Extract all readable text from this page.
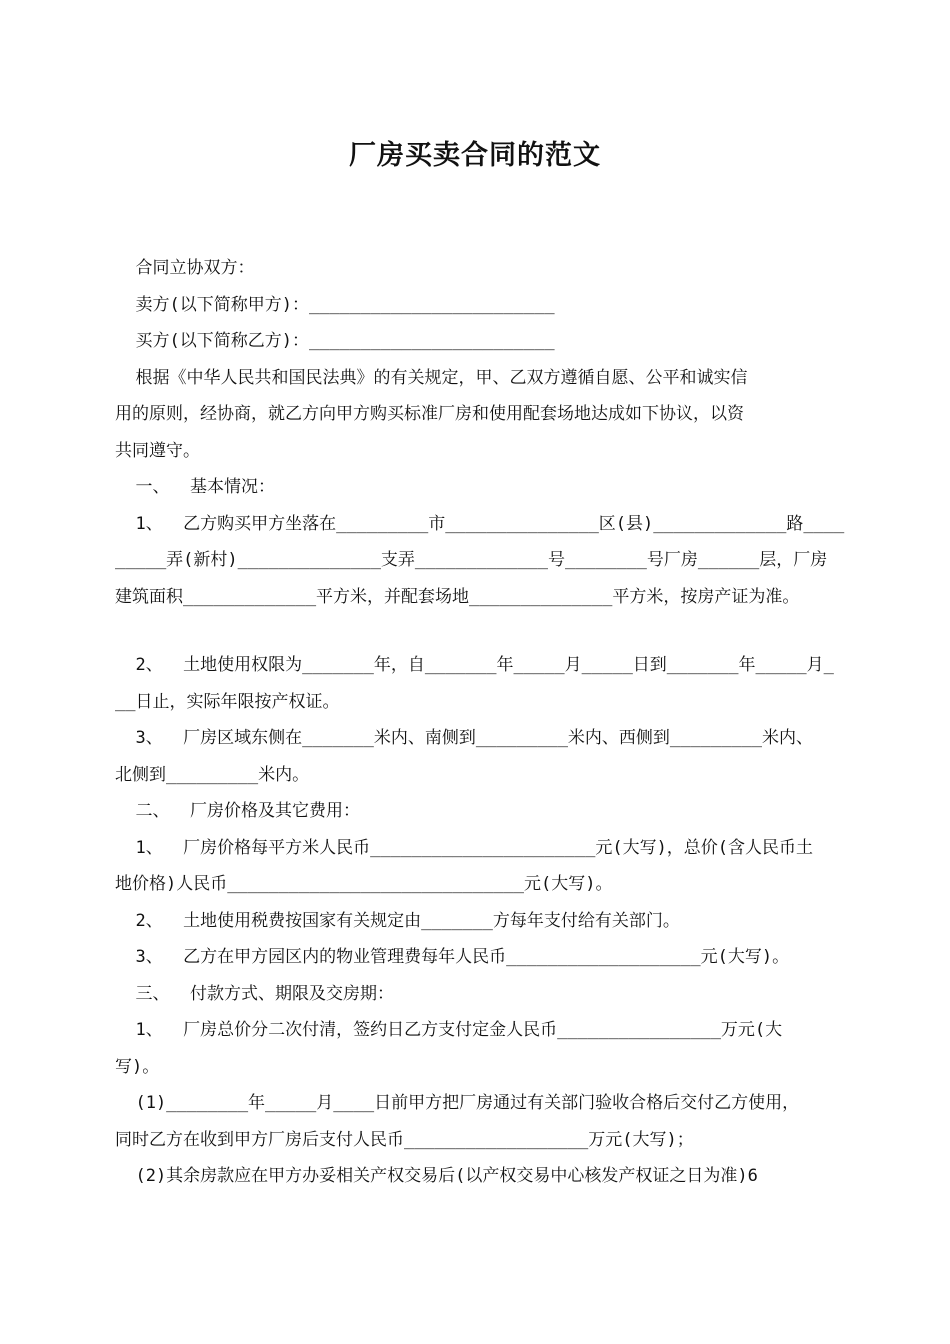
厂房买卖合同的范文
合同立协双方：
卖方(以下简称甲方)：________________________
买方(以下简称乙方)：________________________
根据《中华人民共和国民法典》的有关规定，甲、乙双方遵循自愿、公平和诚实信
用的原则，经协商，就乙方向甲方购买标准厂房和使用配套场地达成如下协议，以资
共同遵守。
一、  基本情况：
1、  乙方购买甲方坐落在_________市_______________区(县)_____________路____
_____弄(新村)______________支弄_____________号________号厂房______层，厂房
建筑面积_____________平方米，并配套场地______________平方米，按房产证为准。
2、  土地使用权限为_______年，自_______年_____月_____日到_______年_____月_
__日止，实际年限按产权证。
3、  厂房区域东侧在_______米内、南侧到_________米内、西侧到_________米内、
北侧到_________米内。
二、  厂房价格及其它费用：
1、  厂房价格每平方米人民币______________________元(大写)，总价(含人民币土
地价格)人民币_____________________________元(大写)。
2、  土地使用税费按国家有关规定由_______方每年支付给有关部门。
3、  乙方在甲方园区内的物业管理费每年人民币___________________元(大写)。
三、  付款方式、期限及交房期：
1、  厂房总价分二次付清，签约日乙方支付定金人民币________________万元(大
写)。
(1)________年_____月____日前甲方把厂房通过有关部门验收合格后交付乙方使用，
同时乙方在收到甲方厂房后支付人民币__________________万元(大写)；
(2)其余房款应在甲方办妥相关产权交易后(以产权交易中心核发产权证之日为准)6
